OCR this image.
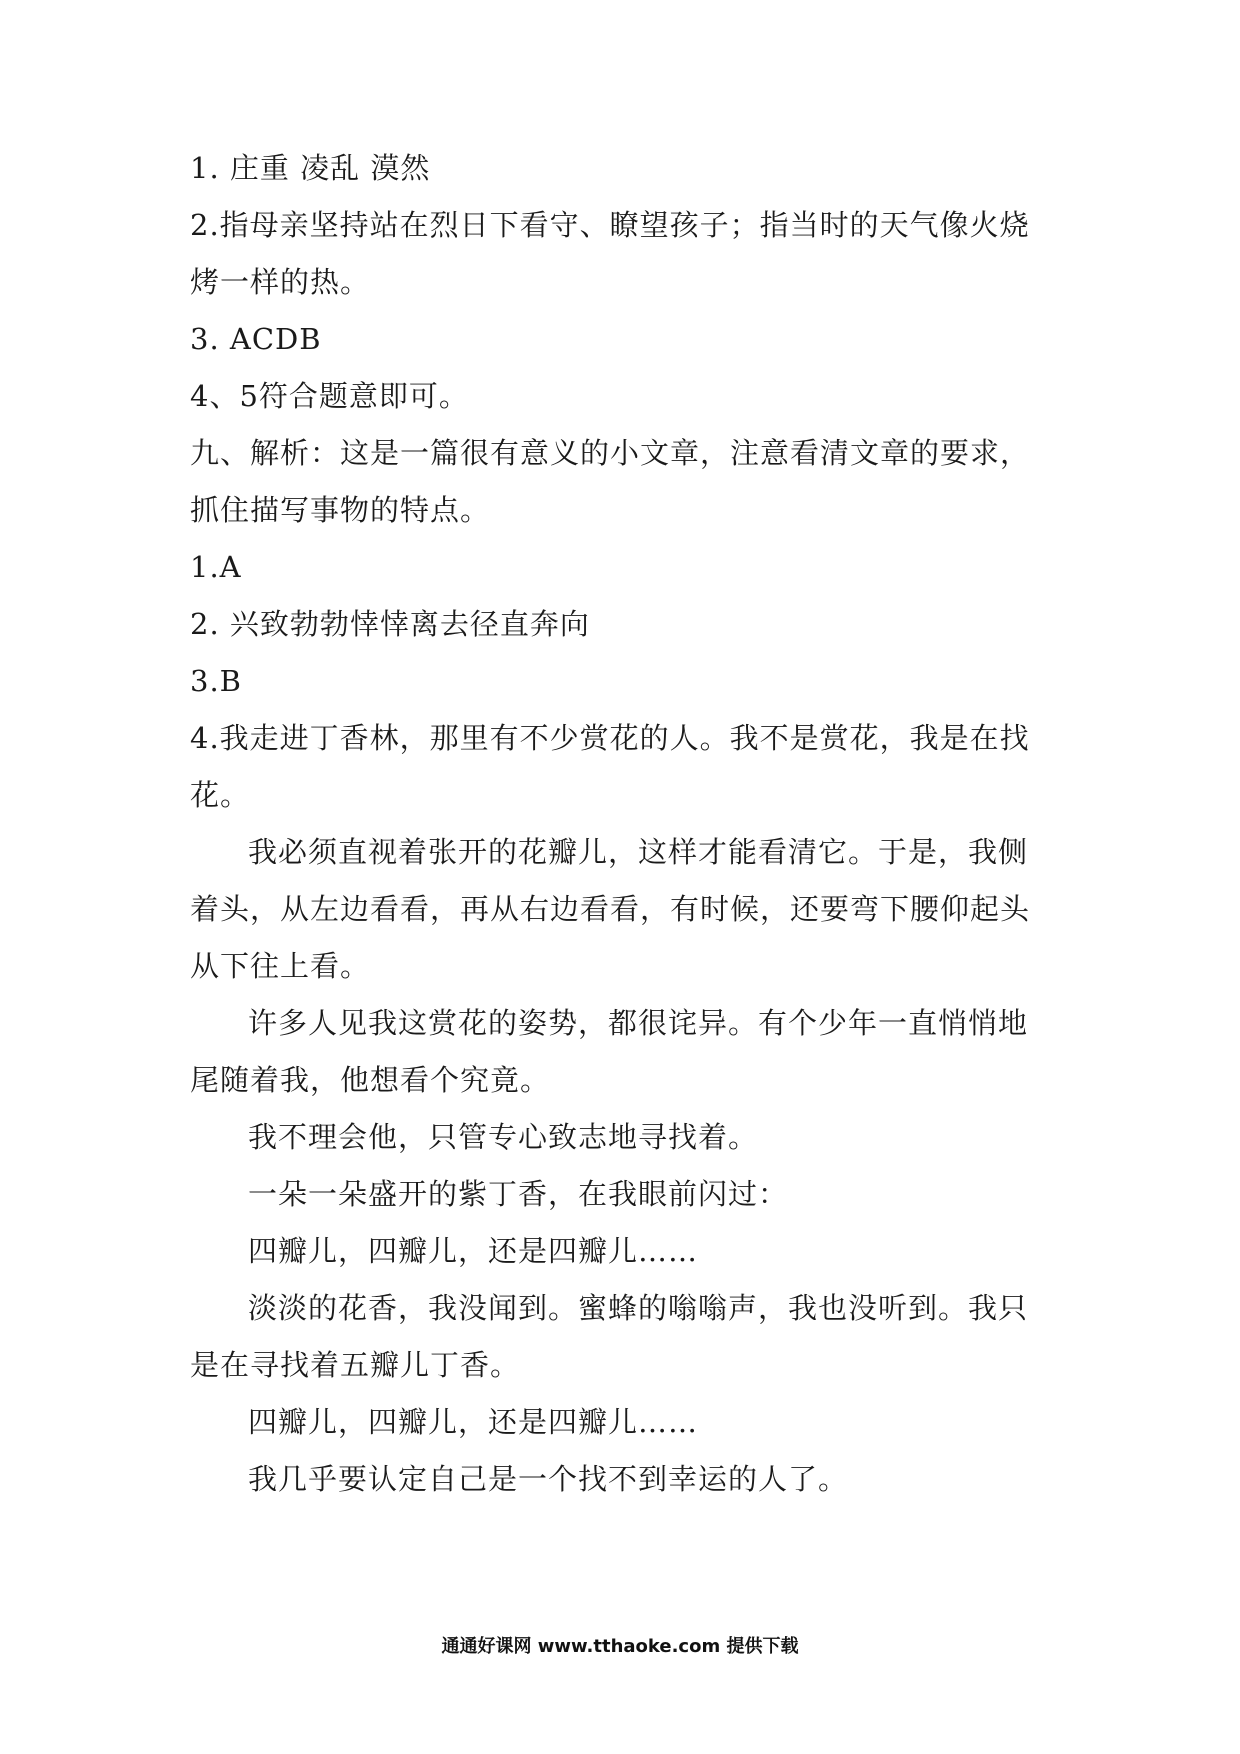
1. 庄重 凌乱 漠然
2.指母亲坚持站在烈日下看守、瞭望孩子；指当时的天气像火烧烤一样的热。
3. ACDB
4、5符合题意即可。
九、解析：这是一篇很有意义的小文章，注意看清文章的要求，抓住描写事物的特点。
1.A
2. 兴致勃勃悻悻离去径直奔向
3.B
4.我走进丁香林，那里有不少赏花的人。我不是赏花，我是在找花。
我必须直视着张开的花瓣儿，这样才能看清它。于是，我侧着头，从左边看看，再从右边看看，有时候，还要弯下腰仰起头从下往上看。
许多人见我这赏花的姿势，都很诧异。有个少年一直悄悄地尾随着我，他想看个究竟。
我不理会他，只管专心致志地寻找着。
一朵一朵盛开的紫丁香，在我眼前闪过：
四瓣儿，四瓣儿，还是四瓣儿……
淡淡的花香，我没闻到。蜜蜂的嗡嗡声，我也没听到。我只是在寻找着五瓣儿丁香。
四瓣儿，四瓣儿，还是四瓣儿……
我几乎要认定自己是一个找不到幸运的人了。
通通好课网 www.tthaoke.com 提供下载
